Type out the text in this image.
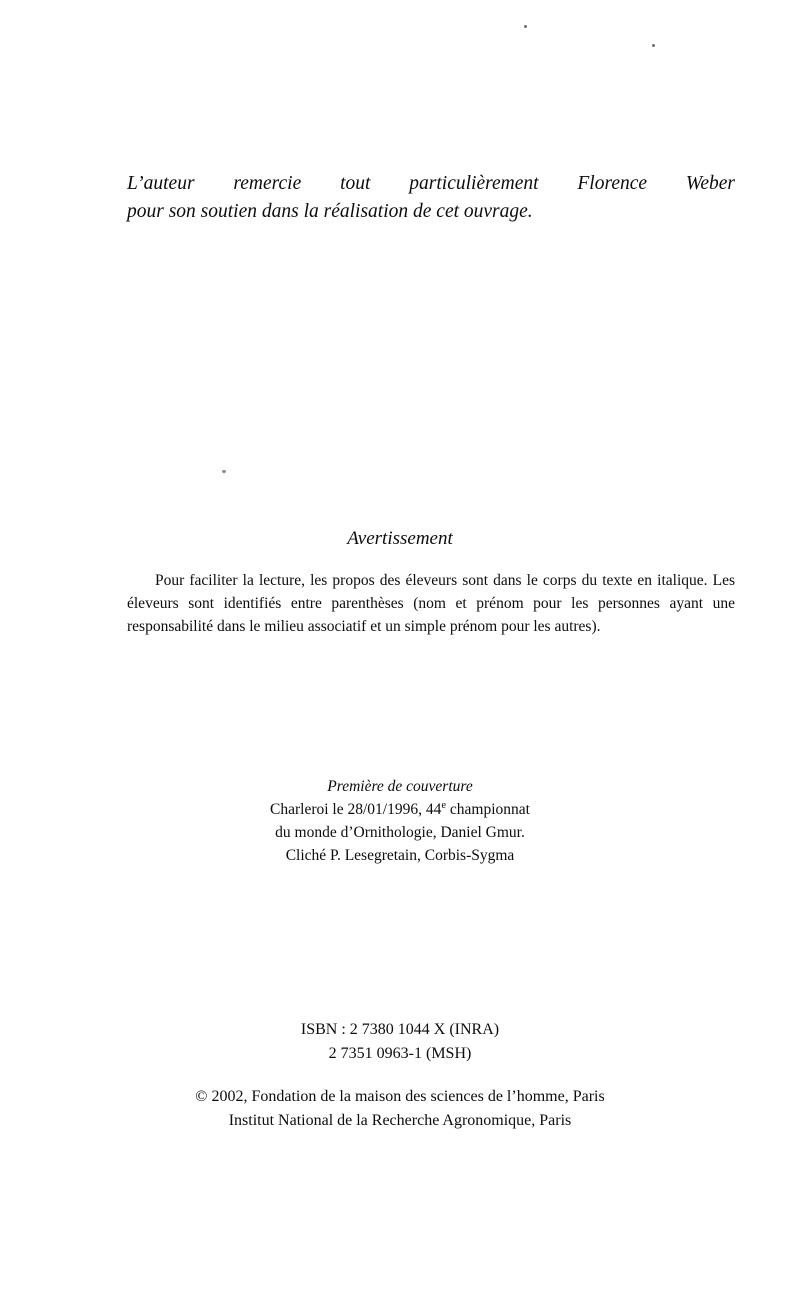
L’auteur remercie tout particulièrement Florence Weber
pour son soutien dans la réalisation de cet ouvrage.
Avertissement
Pour faciliter la lecture, les propos des éleveurs sont dans le corps du texte en italique. Les éleveurs sont identifiés entre parenthèses (nom et prénom pour les personnes ayant une responsabilité dans le milieu associatif et un simple prénom pour les autres).
Première de couverture
Charleroi le 28/01/1996, 44e championnat
du monde d’Ornithologie, Daniel Gmur.
Cliché P. Lesegretain, Corbis-Sygma
ISBN : 2 7380 1044 X (INRA)
2 7351 0963-1 (MSH)
© 2002, Fondation de la maison des sciences de l’homme, Paris
Institut National de la Recherche Agronomique, Paris
